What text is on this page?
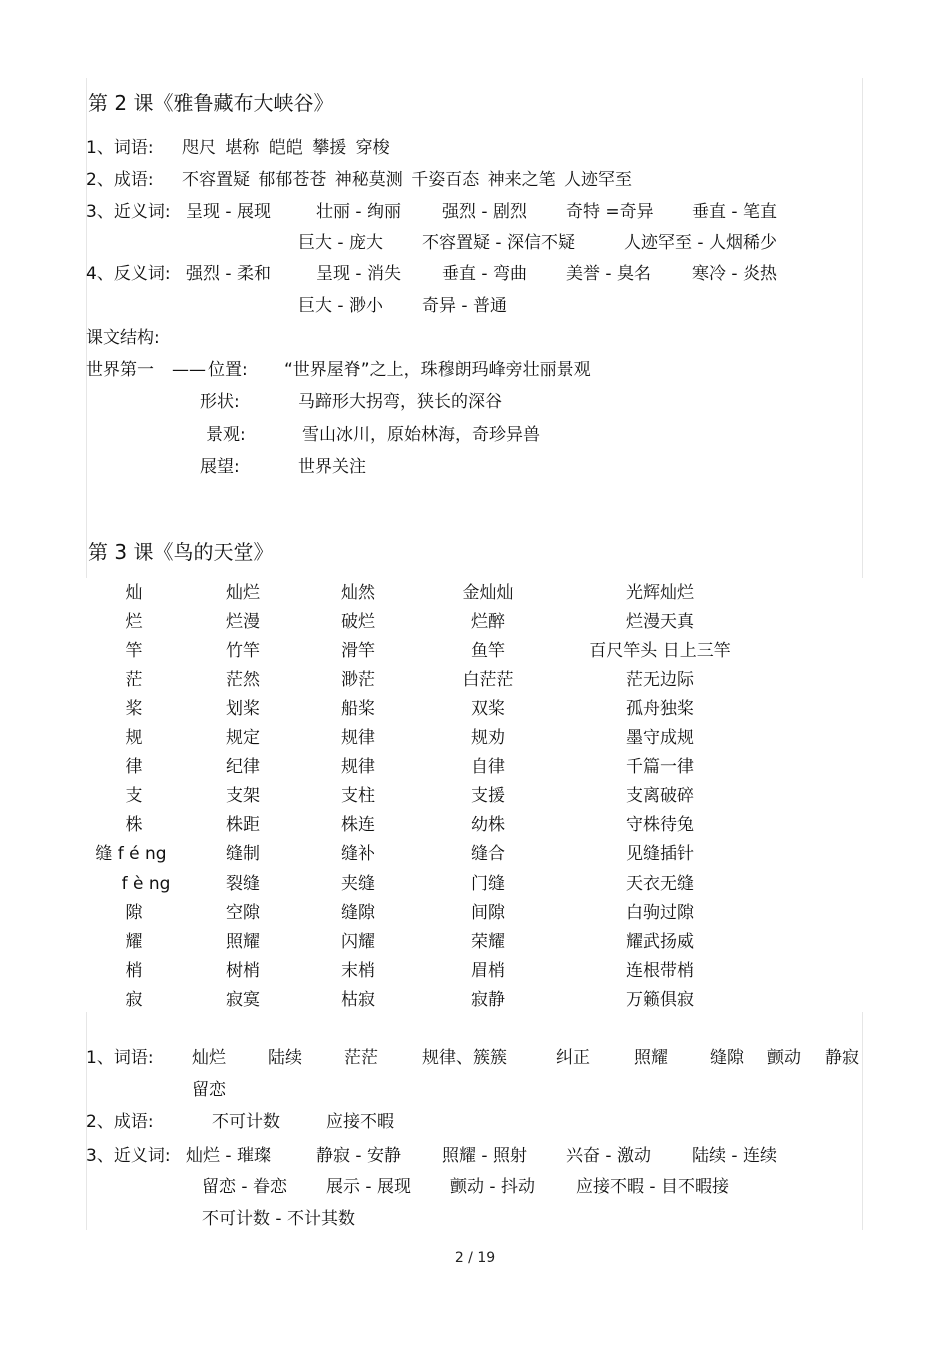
第 2 课《雅鲁藏布大峡谷》
1、词语: 咫尺 堪称 皑皑 攀援 穿梭
2、成语: 不容置疑 郁郁苍苍 神秘莫测 千姿百态 神来之笔 人迹罕至
3、近义词: 呈现 - 展现	壮丽 - 绚丽 强烈 - 剧烈 奇特 =奇异 垂直 - 笔直
巨大 - 庞大 不容置疑 - 深信不疑	人迹罕至 - 人烟稀少
4、反义词: 强烈 - 柔和	呈现 - 消失 垂直 - 弯曲 美誉 - 臭名 寒冷 - 炎热
巨大 - 渺小 奇异 - 普通
课文结构:
世界第一 —— 位置: “世界屋脊”之上，珠穆朗玛峰旁壮丽景观
形状:	马蹄形大拐弯，狭长的深谷
景观:	雪山冰川，原始林海，奇珍异兽
展望:	世界关注
第 3 课《鸟的天堂》
灿	灿烂	灿然	金灿灿	光辉灿烂
烂	烂漫	破烂	烂醉	烂漫天真
竿	竹竿	滑竿	鱼竿	百尺竿头 日上三竿
茫	茫然	渺茫	白茫茫	茫无边际
桨	划桨	船桨	双桨	孤舟独桨
规	规定	规律	规劝	墨守成规
律	纪律	规律	自律	千篇一律
支	支架	支柱	支援	支离破碎
株	株距	株连	幼株	守株待兔
缝 f é ng	缝制	缝补	缝合	见缝插针
f è ng	裂缝	夹缝	门缝	天衣无缝
隙	空隙	缝隙	间隙	白驹过隙
耀	照耀	闪耀	荣耀	耀武扬威
梢	树梢	末梢	眉梢	连根带梢
寂	寂寞	枯寂	寂静	万籁俱寂
1、词语: 灿烂 陆续 茫茫	规律、簇簇	纠正	照耀 缝隙 颤动 静寂
留恋
2、成语:	不可计数	应接不暇
3、近义词: 灿烂 - 璀璨	静寂 - 安静 照耀 - 照射 兴奋 - 激动 陆续 - 连续
留恋 - 眷恋 展示 - 展现 颤动 - 抖动 应接不暇 - 目不暇接
不可计数 - 不计其数
2 / 19
